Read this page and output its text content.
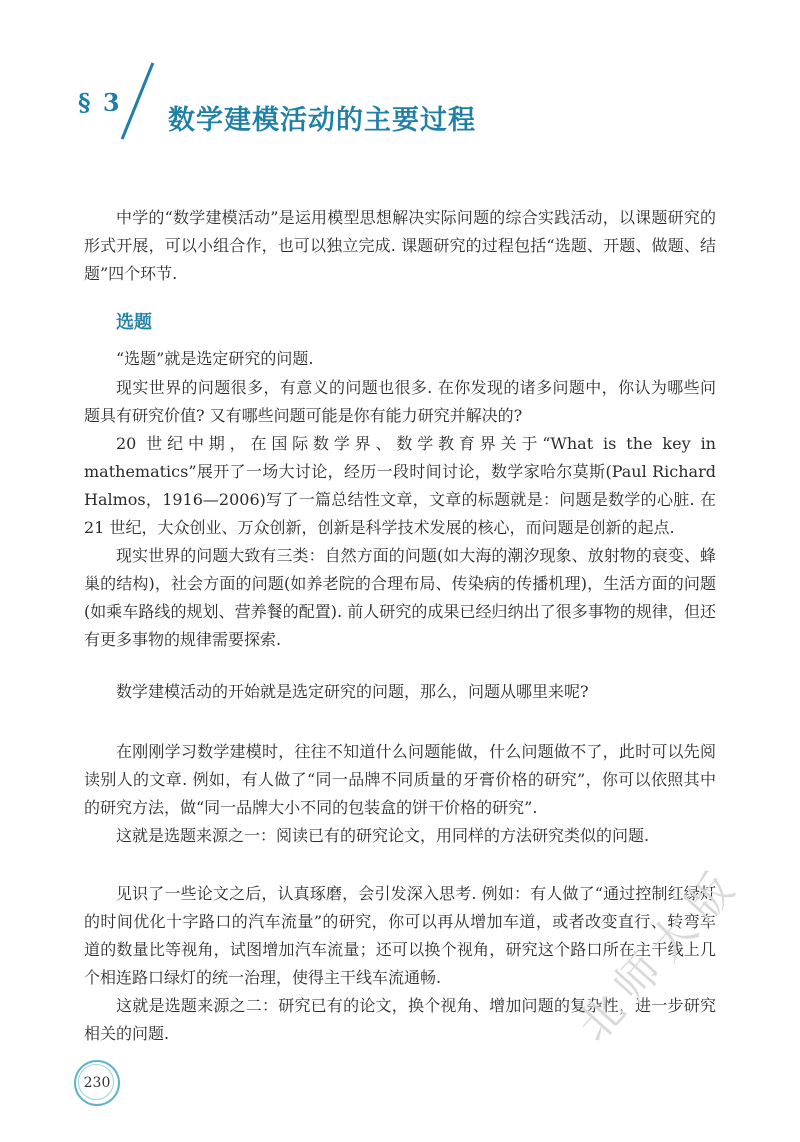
§ 3
数学建模活动的主要过程

中学的“数学建模活动”是运用模型思想解决实际问题的综合实践活动，以课题研究的形式开展，可以小组合作，也可以独立完成. 课题研究的过程包括“选题、开题、做题、结题”四个环节.

选题

“选题”就是选定研究的问题.

现实世界的问题很多，有意义的问题也很多. 在你发现的诸多问题中，你认为哪些问题具有研究价值? 又有哪些问题可能是你有能力研究并解决的?

20 世纪中期，在国际数学界、数学教育界关于“What is the key in mathematics”展开了一场大讨论，经历一段时间讨论，数学家哈尔莫斯(Paul Richard Halmos，1916—2006)写了一篇总结性文章，文章的标题就是：问题是数学的心脏. 在 21 世纪，大众创业、万众创新，创新是科学技术发展的核心，而问题是创新的起点.

现实世界的问题大致有三类：自然方面的问题(如大海的潮汐现象、放射物的衰变、蜂巢的结构)，社会方面的问题(如养老院的合理布局、传染病的传播机理)，生活方面的问题(如乘车路线的规划、营养餐的配置). 前人研究的成果已经归纳出了很多事物的规律，但还有更多事物的规律需要探索.

数学建模活动的开始就是选定研究的问题，那么，问题从哪里来呢?

在刚刚学习数学建模时，往往不知道什么问题能做，什么问题做不了，此时可以先阅读别人的文章. 例如，有人做了“同一品牌不同质量的牙膏价格的研究”，你可以依照其中的研究方法，做“同一品牌大小不同的包装盒的饼干价格的研究”.

这就是选题来源之一：阅读已有的研究论文，用同样的方法研究类似的问题.

见识了一些论文之后，认真琢磨，会引发深入思考. 例如：有人做了“通过控制红绿灯的时间优化十字路口的汽车流量”的研究，你可以再从增加车道，或者改变直行、转弯车道的数量比等视角，试图增加汽车流量；还可以换个视角，研究这个路口所在主干线上几个相连路口绿灯的统一治理，使得主干线车流通畅.

这就是选题来源之二：研究已有的论文，换个视角、增加问题的复杂性，进一步研究相关的问题.

230
北师大版
